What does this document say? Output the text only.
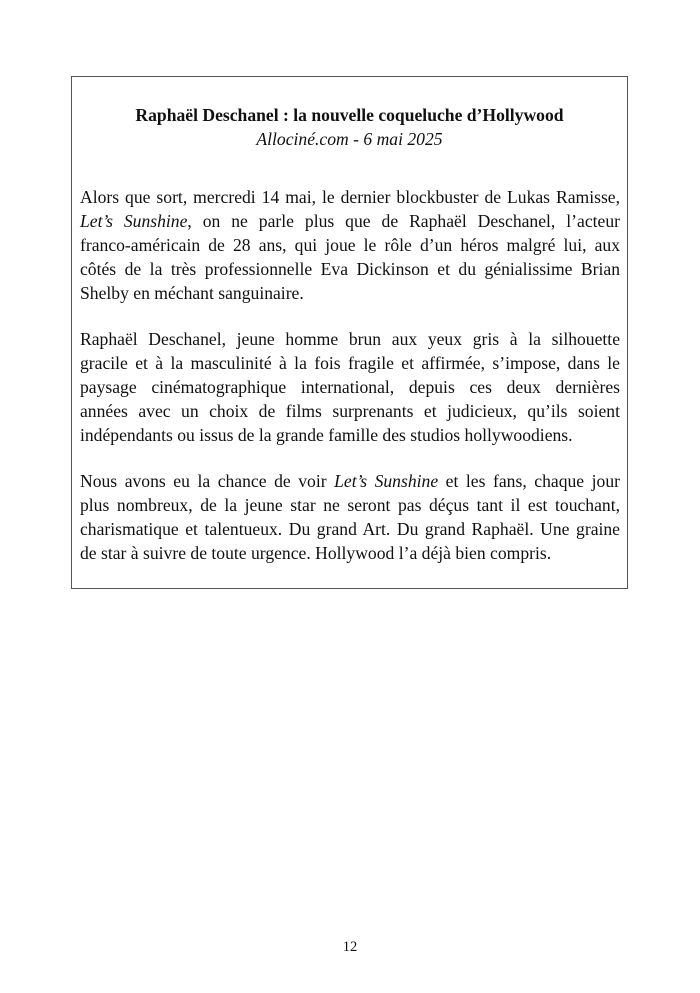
Raphaël Deschanel : la nouvelle coqueluche d’Hollywood

Allociné.com - 6 mai 2025

Alors que sort, mercredi 14 mai, le dernier blockbuster de Lukas Ramisse,
Let’s Sunshine, on ne parle plus que de Raphaël Deschanel, l’acteur
franco-américain de 28 ans, qui joue le rôle d’un héros malgré lui, aux
côtés de la très professionnelle Eva Dickinson et du génialissime Brian
Shelby en méchant sanguinaire.

Raphaël Deschanel, jeune homme brun aux yeux gris à la silhouette
gracile et à la masculinité à la fois fragile et affirmée, s’impose, dans le
paysage cinématographique international, depuis ces deux dernières
années avec un choix de films surprenants et judicieux, qu’ils soient
indépendants ou issus de la grande famille des studios hollywoodiens.

Nous avons eu la chance de voir Let’s Sunshine et les fans, chaque jour
plus nombreux, de la jeune star ne seront pas déçus tant il est touchant,
charismatique et talentueux. Du grand Art. Du grand Raphaël. Une graine
de star à suivre de toute urgence. Hollywood l’a déjà bien compris.

12
